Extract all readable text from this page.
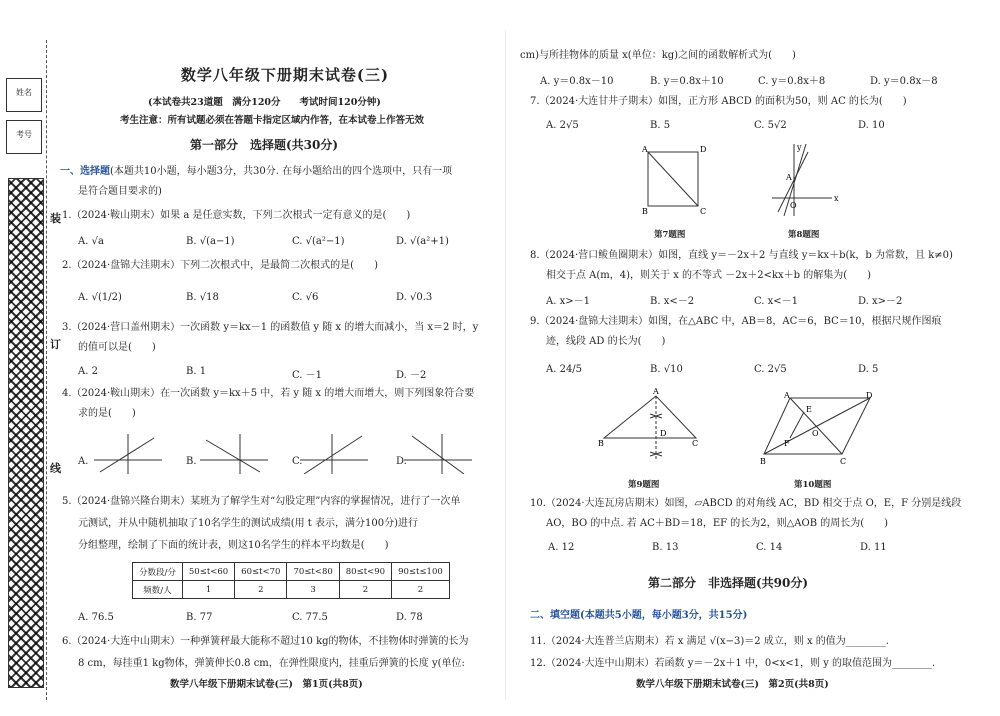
姓名
考号
装
订
线
数学八年级下册期末试卷(三)
(本试卷共23道题　满分120分　　考试时间120分钟)
考生注意：所有试题必须在答题卡指定区域内作答，在本试卷上作答无效
第一部分　选择题(共30分)
一、选择题(本题共10小题，每小题3分，共30分. 在每小题给出的四个选项中，只有一项
是符合题目要求的)
1.（2024·鞍山期末）如果 a 是任意实数，下列二次根式一定有意义的是(　　)
A. √a	B. √(a−1)	C. √(a²−1)	D. √(a²+1)
2.（2024·盘锦大洼期末）下列二次根式中，是最简二次根式的是(　　)
A. √(1/2)	B. √18	C. √6	D. √0.3
3.（2024·营口盖州期末）一次函数 y＝kx－1 的函数值 y 随 x 的增大而减小，当 x＝2 时，y
的值可以是(　　)
A. 2	B. 1	C. －1	D. －2
4.（2024·鞍山期末）在一次函数 y＝kx＋5 中，若 y 随 x 的增大而增大，则下列图象符合要
求的是(　　)
A.	B.	C.	D.
5.（2024·盘锦兴隆台期末）某班为了解学生对“勾股定理”内容的掌握情况，进行了一次单
元测试，并从中随机抽取了10名学生的测试成绩(用 t 表示，满分100分)进行
分组整理，绘制了下面的统计表，则这10名学生的样本平均数是(　　)
分数段/分	50≤t<60	60≤t<70	70≤t<80	80≤t<90	90≤t≤100
频数/人	1	2	3	2	2
A. 76.5	B. 77	C. 77.5	D. 78
6.（2024·大连中山期末）一种弹簧秤最大能称不超过10 kg的物体，不挂物体时弹簧的长为
8 cm，每挂重1 kg物体，弹簧伸长0.8 cm，在弹性限度内，挂重后弹簧的长度 y(单位:
数学八年级下册期末试卷(三)　第1页(共8页)
cm)与所挂物体的质量 x(单位：kg)之间的函数解析式为(　　)
A. y＝0.8x－10	B. y＝0.8x＋10	C. y＝0.8x＋8	D. y＝0.8x－8
7.（2024·大连甘井子期末）如图，正方形 ABCD 的面积为50，则 AC 的长为(　　)
A. 2√5	B. 5	C. 5√2	D. 10
A	D
B	C
第7题图
x
y
A
O
第8题图
8.（2024·营口鲅鱼圈期末）如图，直线 y＝－2x＋2 与直线 y＝kx＋b(k，b 为常数，且 k≠0)
相交于点 A(m，4)，则关于 x 的不等式 －2x＋2<kx＋b 的解集为(　　)
A. x>－1	B. x<－2	C. x<－1	D. x>－2
9.（2024·盘锦大洼期末）如图，在△ABC 中，AB＝8，AC＝6，BC＝10，根据尺规作图痕
迹，线段 AD 的长为(　　)
A. 24/5	B. √10	C. 2√5	D. 5
A
B	C
D
第9题图
A	D
B	C
E
F
O
第10题图
10.（2024·大连瓦房店期末）如图，▱ABCD 的对角线 AC，BD 相交于点 O，E，F 分别是线段
AO，BO 的中点. 若 AC＋BD＝18，EF 的长为2，则△AOB 的周长为(　　)
A. 12	B. 13	C. 14	D. 11
第二部分　非选择题(共90分)
二、填空题(本题共5小题，每小题3分，共15分)
11.（2024·大连普兰店期末）若 x 满足 √(x−3)＝2 成立，则 x 的值为________.
12.（2024·大连中山期末）若函数 y＝－2x＋1 中，0<x<1，则 y 的取值范围为________.
数学八年级下册期末试卷(三)　第2页(共8页)
